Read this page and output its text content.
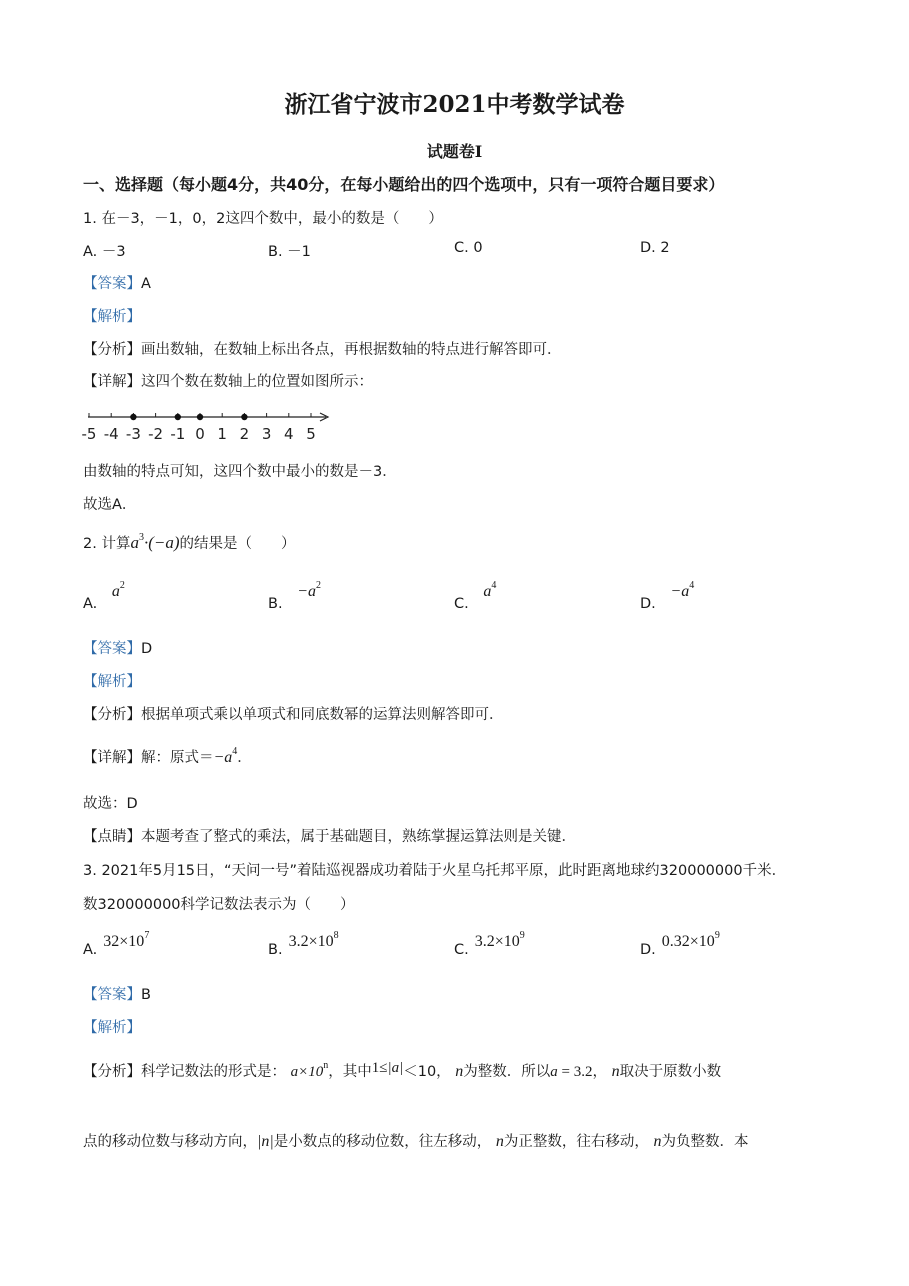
浙江省宁波市2021中考数学试卷
试题卷I
一、选择题（每小题4分，共40分，在每小题给出的四个选项中，只有一项符合题目要求）
1. 在－3，－1，0，2这四个数中，最小的数是（　　）
A. －3	B. －1	C. 0	D. 2
【答案】A
【解析】
【分析】画出数轴，在数轴上标出各点，再根据数轴的特点进行解答即可．
【详解】这四个数在数轴上的位置如图所示：
-5 -4 -3 -2 -1 0 1 2 3 4 5
由数轴的特点可知，这四个数中最小的数是－3．
故选A．
2. 计算$a^3\cdot(-a)$的结果是（　　）
A. $a^2$
B. $-a^2$
C. $a^4$
D. $-a^4$
【答案】D
【解析】
【分析】根据单项式乘以单项式和同底数幂的运算法则解答即可．
【详解】解：原式$=-a^4$．
故选：D
【点睛】本题考查了整式的乘法，属于基础题目，熟练掌握运算法则是关键．
3. 2021年5月15日，“天问一号”着陆巡视器成功着陆于火星乌托邦平原，此时距离地球约320000000千米．
数320000000科学记数法表示为（　　）
A. $32\times 10^7$
B. $3.2\times 10^8$
C. $3.2\times 10^9$
D. $0.32\times 10^9$
【答案】B
【解析】
【分析】科学记数法的形式是： $a\times 10^n$，其中1≤|a|＜10， n为整数．所以a = 3.2， n取决于原数小数
点的移动位数与移动方向，|n|是小数点的移动位数，往左移动， n为正整数，往右移动， n为负整数．本
